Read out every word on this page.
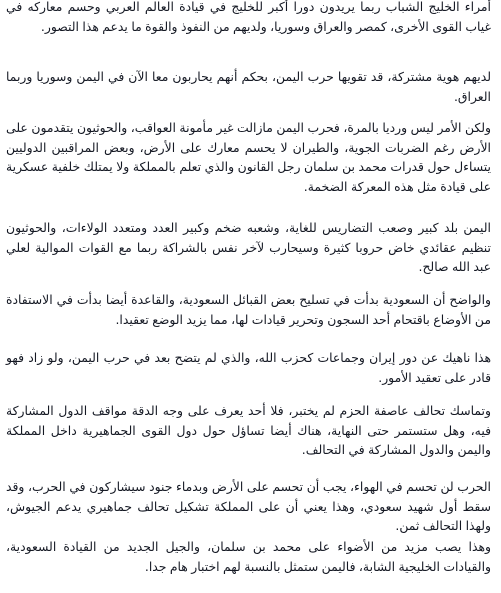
أمراء الخليج الشباب ربما يريدون دورا أكبر للخليج في قيادة العالم العربي وحسم معاركه في غياب القوى الأخرى، كمصر والعراق وسوريا، ولديهم من النفوذ والقوة ما يدعم هذا التصور.

لديهم هوية مشتركة، قد تقويها حرب اليمن، بحكم أنهم يحاربون معا الآن في اليمن وسوريا وربما العراق.

ولكن الأمر ليس ورديا بالمرة، فحرب اليمن مازالت غير مأمونة العواقب، والحوثيون يتقدمون على الأرض رغم الضربات الجوية، والطيران لا يحسم معارك على الأرض، وبعض المراقبين الدوليين يتساءل حول قدرات محمد بن سلمان رجل القانون والذي تعلم بالمملكة ولا يمتلك خلفية عسكرية على قيادة مثل هذه المعركة الضخمة.

اليمن بلد كبير وصعب التضاريس للغاية، وشعبه ضخم وكبير العدد ومتعدد الولاءات، والحوثيون تنظيم عقائدي خاض حروبا كثيرة وسيحارب لآخر نفس بالشراكة ربما مع القوات الموالية لعلي عبد الله صالح.

والواضح أن السعودية بدأت في تسليح بعض القبائل السعودية، والقاعدة أيضا بدأت في الاستفادة من الأوضاع باقتحام أحد السجون وتحرير قيادات لها، مما يزيد الوضع تعقيدا.

هذا ناهيك عن دور إيران وجماعات كحزب الله، والذي لم يتضح بعد في حرب اليمن، ولو زاد فهو قادر على تعقيد الأمور.

وتماسك تحالف عاصفة الحزم لم يختبر، فلا أحد يعرف على وجه الدقة مواقف الدول المشاركة فيه، وهل ستستمر حتى النهاية، هناك أيضا تساؤل حول دول القوى الجماهيرية داخل المملكة واليمن والدول المشاركة في التحالف.

الحرب لن تحسم في الهواء، يجب أن تحسم على الأرض وبدماء جنود سيشاركون في الحرب، وقد سقط أول شهيد سعودي، وهذا يعني أن على المملكة تشكيل تحالف جماهيري يدعم الجيوش، ولهذا التحالف ثمن.

وهذا يصب مزيد من الأضواء على محمد بن سلمان، والجيل الجديد من القيادة السعودية، والقيادات الخليجية الشابة، فاليمن ستمثل بالنسبة لهم اختبار هام جدا.
